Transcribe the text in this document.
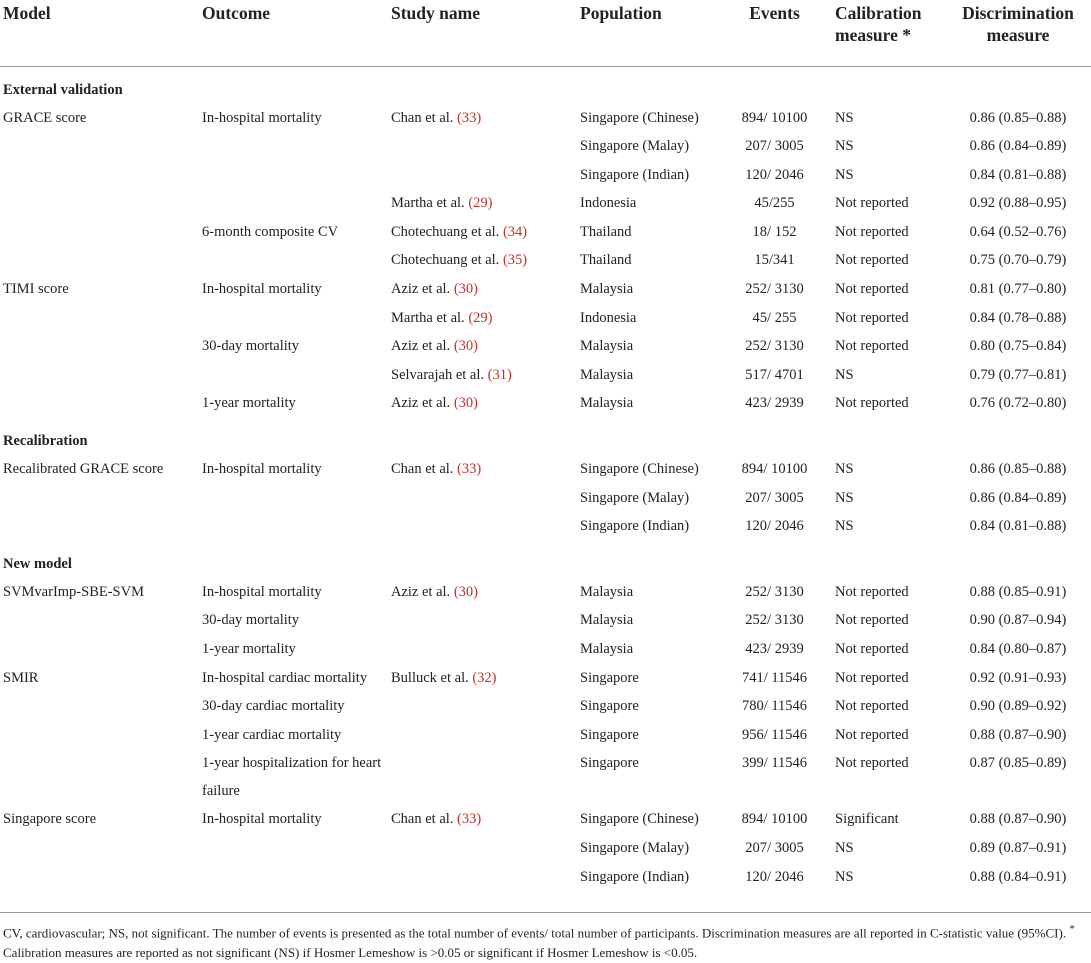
Model	Outcome	Study name	Population	Events	Calibration measure *	Discrimination measure
External validation						
GRACE score	In-hospital mortality	Chan et al. (33)	Singapore (Chinese)	894/ 10100	NS	0.86 (0.85–0.88)
			Singapore (Malay)	207/ 3005	NS	0.86 (0.84–0.89)
			Singapore (Indian)	120/ 2046	NS	0.84 (0.81–0.88)
		Martha et al. (29)	Indonesia	45/255	Not reported	0.92 (0.88–0.95)
	6-month composite CV	Chotechuang et al. (34)	Thailand	18/ 152	Not reported	0.64 (0.52–0.76)
		Chotechuang et al. (35)	Thailand	15/341	Not reported	0.75 (0.70–0.79)
TIMI score	In-hospital mortality	Aziz et al. (30)	Malaysia	252/ 3130	Not reported	0.81 (0.77–0.80)
		Martha et al. (29)	Indonesia	45/ 255	Not reported	0.84 (0.78–0.88)
	30-day mortality	Aziz et al. (30)	Malaysia	252/ 3130	Not reported	0.80 (0.75–0.84)
		Selvarajah et al. (31)	Malaysia	517/ 4701	NS	0.79 (0.77–0.81)
	1-year mortality	Aziz et al. (30)	Malaysia	423/ 2939	Not reported	0.76 (0.72–0.80)
Recalibration						
Recalibrated GRACE score	In-hospital mortality	Chan et al. (33)	Singapore (Chinese)	894/ 10100	NS	0.86 (0.85–0.88)
			Singapore (Malay)	207/ 3005	NS	0.86 (0.84–0.89)
			Singapore (Indian)	120/ 2046	NS	0.84 (0.81–0.88)
New model						
SVMvarImp-SBE-SVM	In-hospital mortality	Aziz et al. (30)	Malaysia	252/ 3130	Not reported	0.88 (0.85–0.91)
	30-day mortality		Malaysia	252/ 3130	Not reported	0.90 (0.87–0.94)
	1-year mortality		Malaysia	423/ 2939	Not reported	0.84 (0.80–0.87)
SMIR	In-hospital cardiac mortality	Bulluck et al. (32)	Singapore	741/ 11546	Not reported	0.92 (0.91–0.93)
	30-day cardiac mortality		Singapore	780/ 11546	Not reported	0.90 (0.89–0.92)
	1-year cardiac mortality		Singapore	956/ 11546	Not reported	0.88 (0.87–0.90)
	1-year hospitalization for heart failure		Singapore	399/ 11546	Not reported	0.87 (0.85–0.89)
Singapore score	In-hospital mortality	Chan et al. (33)	Singapore (Chinese)	894/ 10100	Significant	0.88 (0.87–0.90)
			Singapore (Malay)	207/ 3005	NS	0.89 (0.87–0.91)
			Singapore (Indian)	120/ 2046	NS	0.88 (0.84–0.91)
CV, cardiovascular; NS, not significant. The number of events is presented as the total number of events/ total number of participants. Discrimination measures are all reported in C-statistic value (95%CI). * Calibration measures are reported as not significant (NS) if Hosmer Lemeshow is >0.05 or significant if Hosmer Lemeshow is <0.05.
